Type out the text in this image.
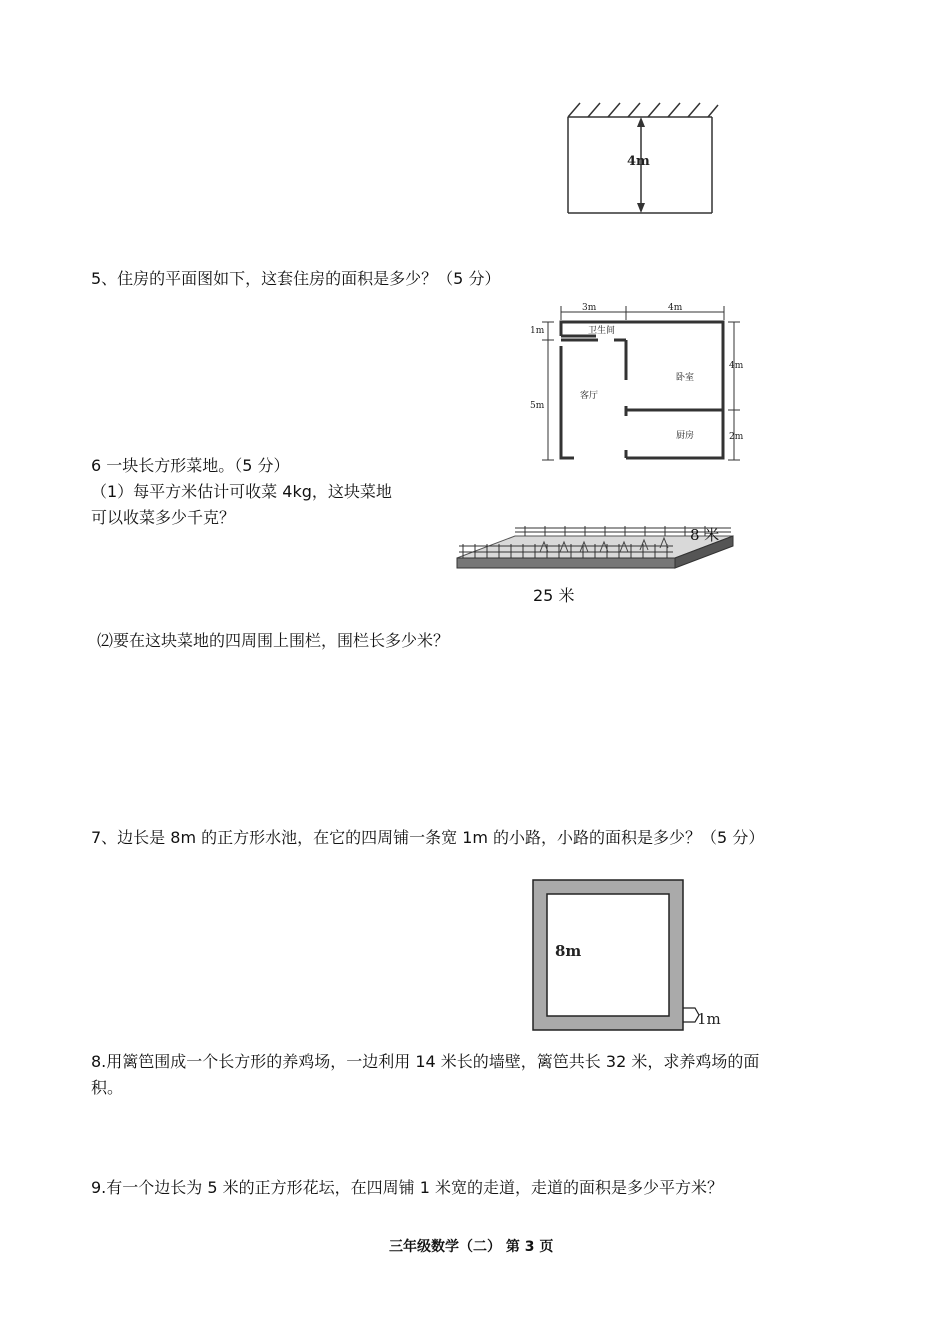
4m
5、住房的平面图如下，这套住房的面积是多少？（5 分）
3m	4m
1m
5m
4m
2m
卫生间
客厅
卧室
厨房
6 一块长方形菜地。（5 分）
（1）每平方米估计可收菜 4kg，这块菜地
可以收菜多少千克？
8 米
25 米
⑵要在这块菜地的四周围上围栏，围栏长多少米？
7、边长是 8m 的正方形水池，在它的四周铺一条宽 1m 的小路，小路的面积是多少？（5 分）
8m
1m
8.用篱笆围成一个长方形的养鸡场，一边利用 14 米长的墙壁，篱笆共长 32 米，求养鸡场的面
积。
9.有一个边长为 5 米的正方形花坛，在四周铺 1 米宽的走道，走道的面积是多少平方米？
三年级数学（二） 第 3 页
